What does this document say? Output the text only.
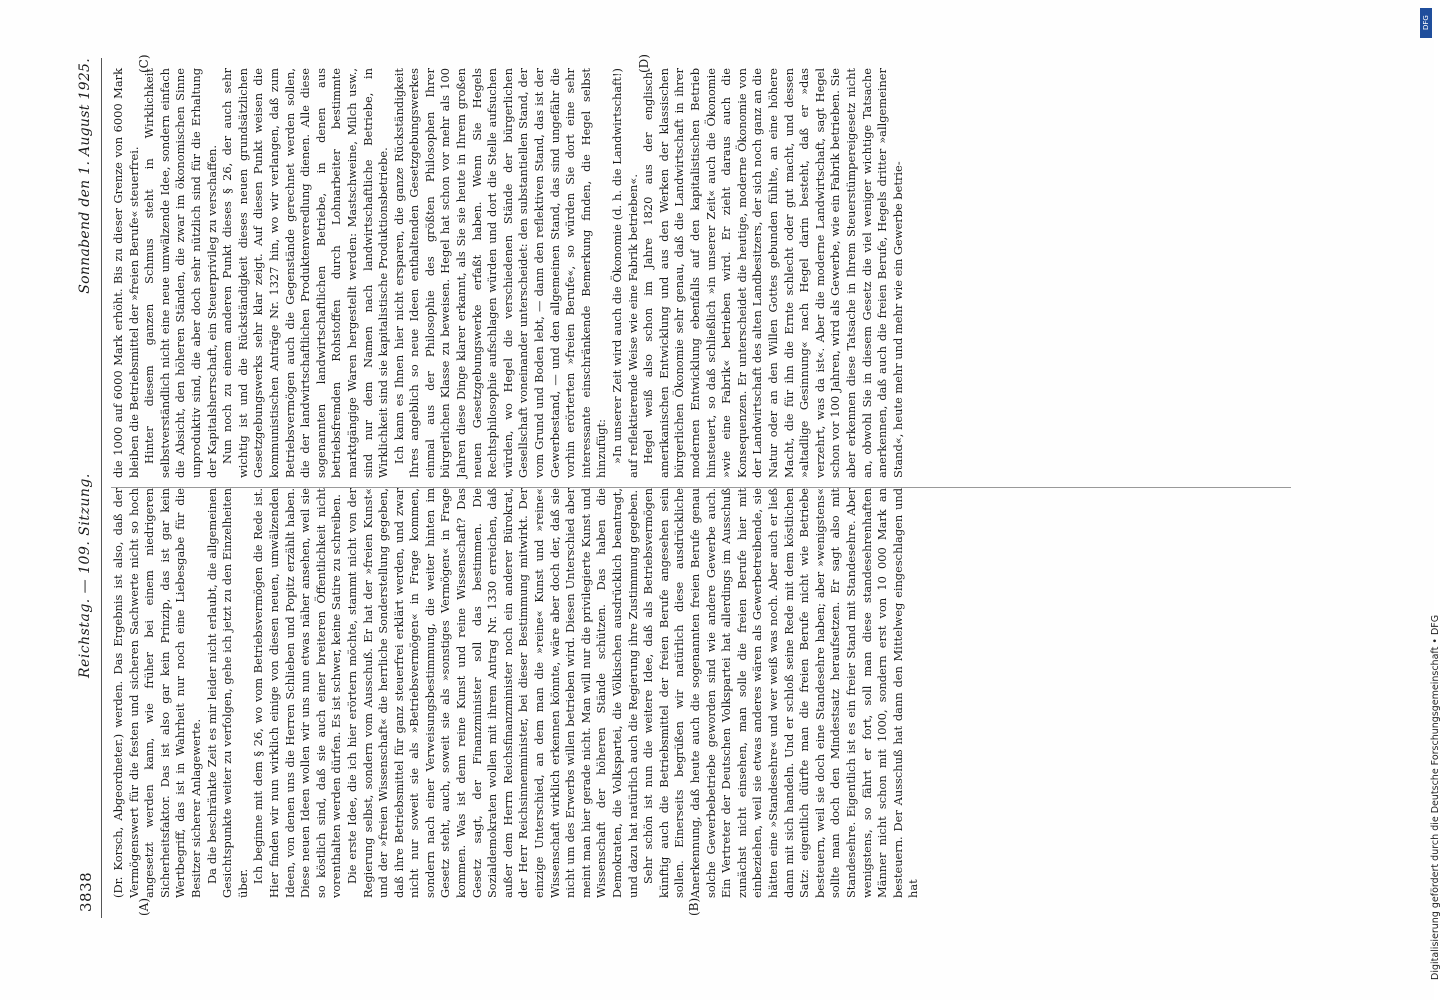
3838
Reichstag. — 109. Sitzung.
Sonnabend den 1. August 1925.
(A)	(B)
(C)	(D)

(Dr. Korsch, Abgeordneter.) werden. Das Ergebnis ist also, daß der Vermögenswert für die festen und sicheren Sachwerte nicht so hoch angesetzt werden kann, wie früher bei einem niedrigeren Sicherheitsfaktor. Das ist also gar kein Prinzip, das ist gar kein Wertbegriff, das ist in Wahrheit nur noch eine Liebesgabe für die Besitzer sicherer Anlagewerte. Da die beschränkte Zeit es mir leider nicht erlaubt, die allgemeinen Gesichtspunkte weiter zu verfolgen, gehe ich jetzt zu den Einzelheiten über. Ich beginne mit dem § 26, wo vom Betriebsvermögen die Rede ist. Hier finden wir nun wirklich einige von diesen neuen, umwälzenden Ideen, von denen uns die Herren Schlieben und Popitz erzählt haben. Diese neuen Ideen wollen wir uns nun etwas näher ansehen, weil sie so köstlich sind, daß sie auch einer breiteren Öffentlichkeit nicht vorenthalten werden dürfen. Es ist schwer, keine Satire zu schreiben. Die erste Idee, die ich hier erörtern möchte, stammt nicht von der Regierung selbst, sondern vom Ausschuß. Er hat der »freien Kunst« und der »freien Wissenschaft« die herrliche Sonderstellung gegeben, daß ihre Betriebsmittel für ganz steuerfrei erklärt werden, und zwar nicht nur soweit sie als »Betriebsvermögen« in Frage kommen, sondern nach einer Verweisungsbestimmung, die weiter hinten im Gesetz steht, auch, soweit sie als »sonstiges Vermögen« in Frage kommen. Was ist denn reine Kunst und reine Wissenschaft? Das Gesetz sagt, der Finanzminister soll das bestimmen. Die Sozialdemokraten wollen mit ihrem Antrag Nr. 1330 erreichen, daß außer dem Herrn Reichsfinanzminister noch ein anderer Bürokrat, der Herr Reichsinnenminister, bei dieser Bestimmung mitwirkt. Der einzige Unterschied, an dem man die »reine« Kunst und »reine« Wissenschaft wirklich erkennen könnte, wäre aber doch der, daß sie nicht um des Erwerbs willen betrieben wird. Diesen Unterschied aber meint man hier gerade nicht. Man will nur die privilegierte Kunst und Wissenschaft der höheren Stände schützen. Das haben die Demokraten, die Volkspartei, die Völkischen ausdrücklich beantragt, und dazu hat natürlich auch die Regierung ihre Zustimmung gegeben. Sehr schön ist nun die weitere Idee, daß als Betriebsvermögen künftig auch die Betriebsmittel der freien Berufe angesehen sein sollen. Einerseits begrüßen wir natürlich diese ausdrückliche Anerkennung, daß heute auch die sogenannten freien Berufe genau solche Gewerbebetriebe geworden sind wie andere Gewerbe auch. Ein Vertreter der Deutschen Volkspartei hat allerdings im Ausschuß zunächst nicht einsehen, man solle die freien Berufe hier mit einbeziehen, weil sie etwas anderes wären als Gewerbetreibende, sie hätten eine »Standesehre« und wer weiß was noch. Aber auch er ließ dann mit sich handeln. Und er schloß seine Rede mit dem köstlichen Satz: eigentlich dürfte man die freien Berufe nicht wie Betriebe besteuern, weil sie doch eine Standesehre haben; aber »wenigstens« sollte man doch den Mindestsatz heraufsetzen. Er sagt also mit Standesehre. Eigentlich ist es ein freier Stand mit Standesehre. Aber wenigstens, so fährt er fort, soll man diese standesehrenhaften Männer nicht schon mit 1000, sondern erst von 10 000 Mark an besteuern. Der Ausschuß hat dann den Mittelweg eingeschlagen und hat

die 1000 auf 6000 Mark erhöht. Bis zu dieser Grenze von 6000 Mark bleiben die Betriebsmittel der »freien Berufe« steuerfrei. Hinter diesem ganzen Schmus steht in Wirklichkeit selbstverständlich nicht eine neue umwälzende Idee, sondern einfach die Absicht, den höheren Ständen, die zwar im ökonomischen Sinne unproduktiv sind, die aber doch sehr nützlich sind für die Erhaltung der Kapitalsherrschaft, ein Steuerprivileg zu verschaffen. Nun noch zu einem anderen Punkt dieses § 26, der auch sehr wichtig ist und die Rückständigkeit dieses neuen grundsätzlichen Gesetzgebungswerks sehr klar zeigt. Auf diesen Punkt weisen die kommunistischen Anträge Nr. 1327 hin, wo wir verlangen, daß zum Betriebsvermögen auch die Gegenstände gerechnet werden sollen, die der landwirtschaftlichen Produktenveredlung dienen. Alle diese sogenannten landwirtschaftlichen Betriebe, in denen aus betriebsfremden Rohstoffen durch Lohnarbeiter bestimmte marktgängige Waren hergestellt werden: Mastschweine, Milch usw., sind nur dem Namen nach landwirtschaftliche Betriebe, in Wirklichkeit sind sie kapitalistische Produktionsbetriebe. Ich kann es Ihnen hier nicht ersparen, die ganze Rückständigkeit Ihres angeblich so neue Ideen enthaltenden Gesetzgebungswerkes einmal aus der Philosophie des größten Philosophen Ihrer bürgerlichen Klasse zu beweisen. Hegel hat schon vor mehr als 100 Jahren diese Dinge klarer erkannt, als Sie sie heute in Ihrem großen neuen Gesetzgebungswerke erfaßt haben. Wenn Sie Hegels Rechtsphilosophie aufschlagen würden und dort die Stelle aufsuchen würden, wo Hegel die verschiedenen Stände der bürgerlichen Gesellschaft voneinander unterscheidet: den substantiellen Stand, der vom Grund und Boden lebt, — dann den reflektiven Stand, das ist der Gewerbestand, — und den allgemeinen Stand, das sind ungefähr die vorhin erörterten »freien Berufe«, so würden Sie dort eine sehr interessante einschränkende Bemerkung finden, die Hegel selbst hinzufügt: »In unserer Zeit wird auch die Ökonomie (d. h. die Landwirtschaft!) auf reflektierende Weise wie eine Fabrik betrieben«. Hegel weiß also schon im Jahre 1820 aus der englisch-amerikanischen Entwicklung und aus den Werken der klassischen bürgerlichen Ökonomie sehr genau, daß die Landwirtschaft in ihrer modernen Entwicklung ebenfalls auf den kapitalistischen Betrieb hinsteuert, so daß schließlich »in unserer Zeit« auch die Ökonomie »wie eine Fabrik« betrieben wird. Er zieht daraus auch die Konsequenzen. Er unterscheidet die heutige, moderne Ökonomie von der Landwirtschaft des alten Landbesitzers, der sich noch ganz an die Natur oder an den Willen Gottes gebunden fühlte, an eine höhere Macht, die für ihn die Ernte schlecht oder gut macht, und dessen »altadlige Gesinnung« nach Hegel darin besteht, daß er »das verzehrt, was da ist«. Aber die moderne Landwirtschaft, sagt Hegel schon vor 100 Jahren, wird als Gewerbe, wie ein Fabrik betrieben. Sie aber erkennen diese Tatsache in Ihrem Steuerstümpereigesetz nicht an, obwohl Sie in diesem Gesetz die viel weniger wichtige Tatsache anerkennen, daß auch die freien Berufe, Hegels dritter »allgemeiner Stand«, heute mehr und mehr wie ein Gewerbe betrie-

DFG
Digitalisierung gefördert durch die Deutsche Forschungsgemeinschaft • DFG
